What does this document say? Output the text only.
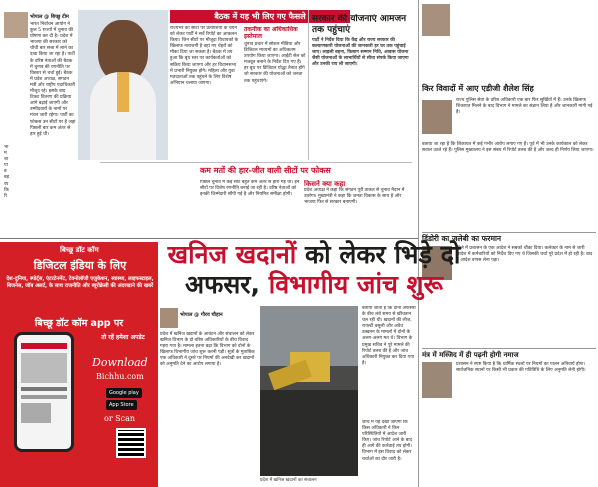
भोपाल @ बिच्छू टीम
भारत निर्वाचन आयोग ने कुल 5 राज्यों में चुनाव की घोषणा कर दी है। प्रदेश में भाजपा की सरकार को चौथी बार सत्ता में लाने का दावा किया जा रहा है। पार्टी के वरिष्ठ नेताओं की बैठक में चुनाव की रणनीति पर विस्तार से चर्चा हुई। बैठक में प्रदेश अध्यक्ष, संगठन मंत्री और राष्ट्रीय पदाधिकारी मौजूद रहे। इसके बाद टिकट वितरण की प्रक्रिया आगे बढ़ाई जाएगी और उम्मीदवारों के नामों पर मंथन जारी रहेगा। पार्टी का फोकस उन सीटों पर है जहां पिछली बार कम अंतर से हार हुई थी।
भा
मं
शा
पा
ब
बड़
व्य
कि
रि
बैठक में यह भी लिए गए फैसले
राज्यभर की सीटों पर प्रत्याशियों के चयन को लेकर पार्टी ने सर्वे रिपोर्ट का आकलन किया। जिन सीटों पर मौजूदा विधायकों के खिलाफ नाराजगी है वहां नए चेहरों को मौका दिया जा सकता है। बैठक में तय हुआ कि बूथ स्तर पर कार्यकर्ताओं को सक्रिय किया जाएगा और हर विधानसभा में प्रभारी नियुक्त होंगे। महिला और युवा मतदाताओं तक पहुंचने के लिए विशेष अभियान चलाया जाएगा।
तकनीक का अधिकाधिक इस्तेमाल
चुनाव प्रचार में सोशल मीडिया और डिजिटल माध्यमों का अधिकतम उपयोग किया जाएगा। आईटी सेल को मजबूत बनाने के निर्देश दिए गए हैं। हर बूथ पर डिजिटल योद्धा तैनात होंगे जो सरकार की योजनाओं को जनता तक पहुंचाएंगे।
सरकार की योजनाएं आमजन तक पहुंचाएं
पार्टी ने निर्देश दिया कि केंद्र और राज्य सरकार की कल्याणकारी योजनाओं की जानकारी हर घर तक पहुंचाई जाए। लाड़ली बहना, किसान सम्मान निधि, आवास योजना जैसी योजनाओं के लाभार्थियों से सीधा संपर्क किया जाएगा और उनकी राय ली जाएगी।
कम मतों की हार-जीत वाली सीटों पर फोकस
पिछले चुनाव में कई सीटें बहुत कम अंतर से हारी गई थीं। इन सीटों पर विशेष रणनीति बनाई जा रही है। वरिष्ठ नेताओं को इनकी जिम्मेदारी सौंपी गई है और नियमित समीक्षा होगी।
किसने क्या कहा
प्रदेश अध्यक्ष ने कहा कि संगठन पूरी ताकत से चुनाव मैदान में उतरेगा। मुख्यमंत्री ने कहा कि जनता विकास के साथ है और भाजपा फिर से सरकार बनाएगी।
किर विवादों में आए एडीजी शैलेश सिंह
राज्य पुलिस सेवा के वरिष्ठ अधिकारी एक बार फिर सुर्खियों में हैं। उनके खिलाफ शिकायत मिलने के बाद विभाग ने मामले का संज्ञान लिया है और जानकारी मांगी गई है।
बताया जा रहा है कि शिकायत में कई गंभीर आरोप लगाए गए हैं। पूर्व में भी उनके कार्यकाल को लेकर सवाल उठते रहे हैं। पुलिस मुख्यालय ने इस संबंध में रिपोर्ट तलब की है और जल्द ही निर्णय लिया जाएगा।
डिंडोरी का जलेबी का फरमान
जिले में प्रशासन के एक आदेश ने सबको चौंका दिया। कलेक्टर के नाम से जारी आदेश में कर्मचारियों को निर्देश दिए गए थे जिसकी चर्चा पूरे प्रदेश में हो रही है। बाद में आदेश वापस लेना पड़ा।
मंत्र में मस्जिद में ही पढ़नी होगी नमाज
प्रशासन ने स्पष्ट किया है कि धार्मिक स्थलों पर नियमों का पालन अनिवार्य होगा। सार्वजनिक स्थानों पर किसी भी प्रकार की गतिविधि के लिए अनुमति लेनी होगी।
बिच्छू डॉट कॉम
डिजिटल इंडिया के लिए
देश-दुनिया, स्पोर्ट्स, एंटरटेनमेंट, टेक्नोलॉजी एजुकेशन, स्वास्थ्य, लाइफस्टाइल, बिजनेस, जॉब अलर्ट, के साथ राजनीति और ब्यूरोक्रेसी की अंदरखाने की खबरें
बिच्छू डॉट कॉम app पर
तो रहें हमेशा अपडेट
Download
Bichhu.com
Google play
App Store
or Scan
खनिज खदानों को लेकर भिड़े दो
अफसर, विभागीय जांच शुरू
भोपाल @ गौरव चौहान
प्रदेश में खनिज खदानों के आवंटन और संचालन को लेकर खनिज विभाग के दो वरिष्ठ अधिकारियों के बीच विवाद गहरा गया है। मामला इतना बढ़ा कि विभाग को दोनों के खिलाफ विभागीय जांच शुरू करनी पड़ी। सूत्रों के मुताबिक एक अधिकारी ने दूसरे पर नियमों की अनदेखी कर खदानों को अनुमति देने का आरोप लगाया है।
प्रदेश में खनिज खदानों का संचालन
बताया जाता है कि दोनों अफसरों के बीच लंबे समय से खींचतान चल रही थी। खदानों की लीज, रायल्टी वसूली और अवैध उत्खनन के मामलों में दोनों के अलग-अलग मत थे। विभाग के प्रमुख सचिव ने पूरे मामले की रिपोर्ट तलब की है और जांच अधिकारी नियुक्त कर दिया गया है।
जांच में यह देखा जाएगा कि किस अधिकारी ने किन परिस्थितियों में आदेश जारी किए। जांच रिपोर्ट आने के बाद ही आगे की कार्रवाई तय होगी। विभाग में इस विवाद को लेकर चर्चाओं का दौर जारी है।
